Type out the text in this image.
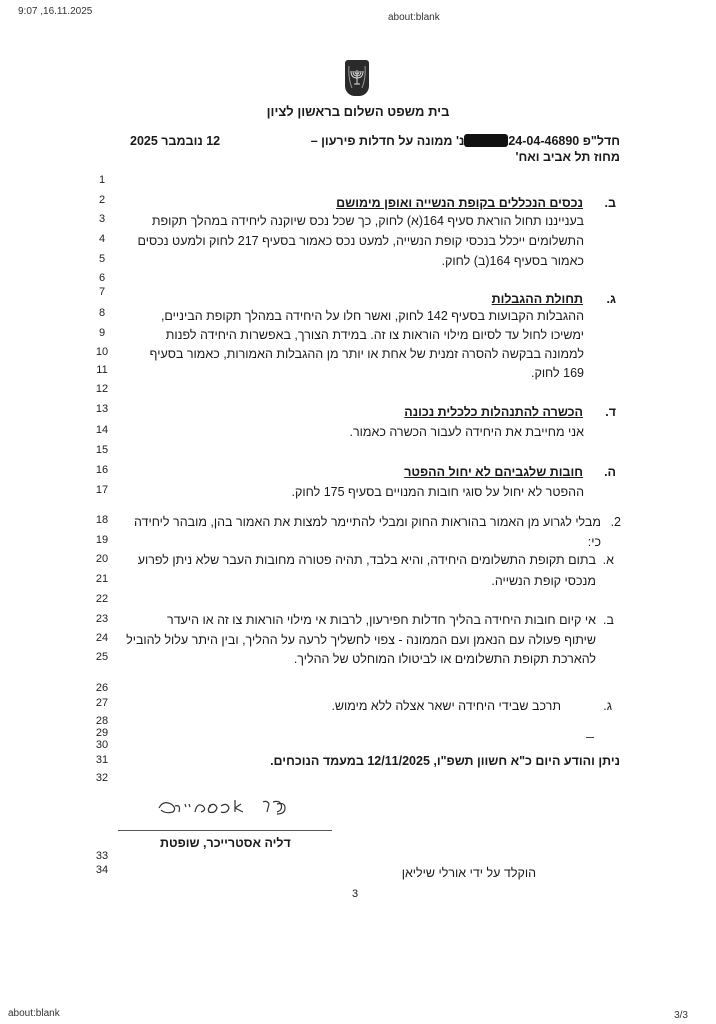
9:07 ,16.11.2025
about:blank
בית משפט השלום בראשון לציון
חדל"פ 24-04-46890נ' ממונה על חדלות פירעון –
מחוז תל אביב ואח'
12 נובמבר 2025
1
2
3
4
5
6
7
8
9
10
11
12
13
14
15
16
17
18
19
20
21
22
23
24
25
26
27
28
29
30
31
32
33
34
ב.
נכסים הנכללים בקופת הנשייה ואופן מימושם
בענייננו תחול הוראת סעיף 164(א) לחוק, כך שכל נכס שיוקנה ליחידה במהלך תקופת
התשלומים ייכלל בנכסי קופת הנשייה, למעט נכס כאמור בסעיף 217 לחוק ולמעט נכסים
כאמור בסעיף 164(ב) לחוק.
ג.
תחולת ההגבלות
ההגבלות הקבועות בסעיף 142 לחוק, ואשר חלו על היחידה במהלך תקופת הביניים,
ימשיכו לחול עד לסיום מילוי הוראות צו זה. במידת הצורך, באפשרות היחידה לפנות
לממונה בבקשה להסרה זמנית של אחת או יותר מן ההגבלות האמורות, כאמור בסעיף
169 לחוק.
ד.
הכשרה להתנהלות כלכלית נכונה
אני מחייבת את היחידה לעבור הכשרה כאמור.
ה.
חובות שלגביהם לא יחול ההפטר
ההפטר לא יחול על סוגי חובות המנויים בסעיף 175 לחוק.
2.
מבלי לגרוע מן האמור בהוראות החוק ומבלי להתיימר למצות את האמור בהן, מובהר ליחידה
כי:
א.
בתום תקופת התשלומים היחידה, והיא בלבד, תהיה פטורה מחובות העבר שלא ניתן לפרוע
מנכסי קופת הנשייה.
ב.
אי קיום חובות היחידה בהליך חדלות חפירעון, לרבות אי מילוי הוראות צו זה או היעדר
שיתוף פעולה עם הנאמן ועם הממונה - צפוי לחשליך לרעה על ההליך, ובין היתר עלול להוביל
להארכת תקופת התשלומים או לביטולו המוחלט של ההליך.
ג.
תרכב שבידי היחידה ישאר אצלה ללא מימוש.
ניתן והודע היום כ"א חשוון תשפ"ו, 12/11/2025 במעמד הנוכחים.
דליה אסטרייכר, שופטת
הוקלד על ידי אורלי שיליאן
3
about:blank	3/3
